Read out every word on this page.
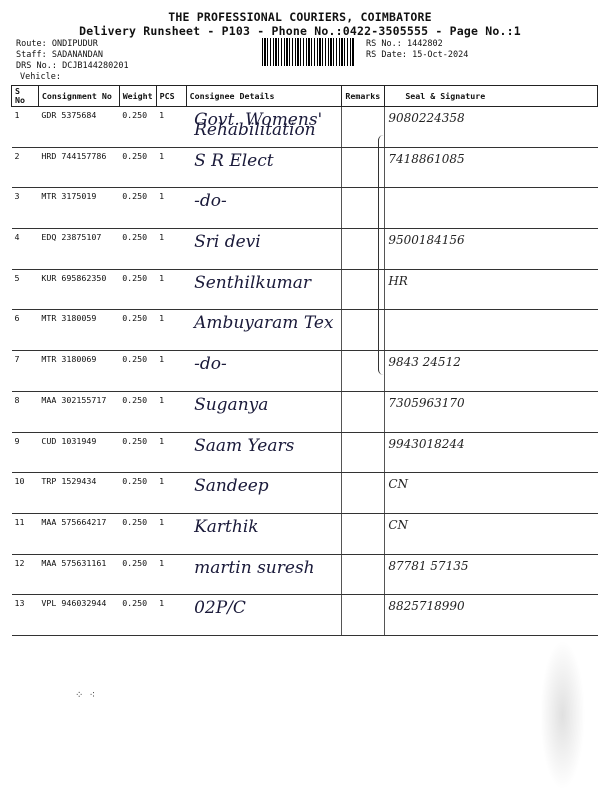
THE PROFESSIONAL COURIERS, COIMBATORE
Delivery Runsheet - P103 - Phone No.:0422-3505555 - Page No.:1
Route: ONDIPUDUR
Staff: SADANANDAN
DRS No.: DCJB144280201
Vehicle:
RS No.: 1442802
RS Date: 15-Oct-2024
S No	Consignment No	Weight	PCS	Consignee Details	Remarks	Seal & Signature
1	GDR 5375684	0.250	1	Govt. Womens' Rehabilitation		9080224358
2	HRD 744157786	0.250	1	S R Elect		7418861085
3	MTR 3175019	0.250	1	-do-		
4	EDQ 23875107	0.250	1	Sri devi		9500184156
5	KUR 695862350	0.250	1	Senthilkumar		HR
6	MTR 3180059	0.250	1	Ambuyaram Tex		
7	MTR 3180069	0.250	1	-do-		9843 24512
8	MAA 302155717	0.250	1	Suganya		7305963170
9	CUD 1031949	0.250	1	Saam Years		9943018244
10	TRP 1529434	0.250	1	Sandeep		CN
11	MAA 575664217	0.250	1	Karthik		CN
12	MAA 575631161	0.250	1	martin suresh		87781 57135
13	VPL 946032944	0.250	1	02P/C		8825718990
⁘ ⁖
